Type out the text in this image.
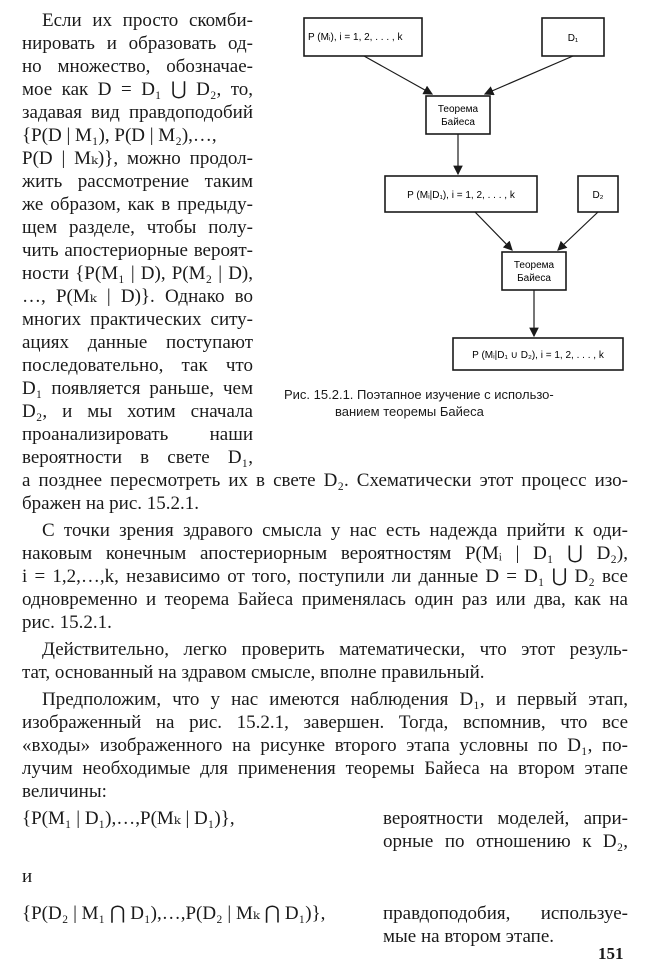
Если их просто скомби-
нировать и образовать од-
но множество, обозначае-
мое как D = D₁ ⋃ D₂, то,
задавая вид правдоподобий
{P(D | M₁), P(D | M₂),…,
P(D | Mₖ)}, можно продол-
жить рассмотрение таким
же образом, как в предыду-
щем разделе, чтобы полу-
чить апостериорные вероят-
ности {P(M₁ | D), P(M₂ | D),
…, P(Mₖ | D)}. Однако во
многих практических ситу-
ациях данные поступают
последовательно, так что
D₁ появляется раньше, чем
D₂, и мы хотим сначала
проанализировать наши
вероятности в свете D₁,
P (Mᵢ), i = 1, 2, . . . , k	D₁
Теорема
Байеса
P (Mᵢ|D₁), i = 1, 2, . . . , k	D₂
Теорема
Байеса
P (Mᵢ|D₁ ∪ D₂), i = 1, 2, . . . , k
Рис. 15.2.1. Поэтапное изучение с использо-
ванием теоремы Байеса
а позднее пересмотреть их в свете D₂. Схематически этот процесс изо-
бражен на рис. 15.2.1.
С точки зрения здравого смысла у нас есть надежда прийти к оди-
наковым конечным апостериорным вероятностям P(Mᵢ | D₁ ⋃ D₂),
i = 1,2,…,k, независимо от того, поступили ли данные D = D₁ ⋃ D₂ все
одновременно и теорема Байеса применялась один раз или два, как на
рис. 15.2.1.
Действительно, легко проверить математически, что этот резуль-
тат, основанный на здравом смысле, вполне правильный.
Предположим, что у нас имеются наблюдения D₁, и первый этап,
изображенный на рис. 15.2.1, завершен. Тогда, вспомнив, что все
«входы» изображенного на рисунке второго этапа условны по D₁, по-
лучим необходимые для применения теоремы Байеса на втором этапе
величины:
{P(M₁ | D₁),…,P(Mₖ | D₁)},	вероятности моделей, апри-
орные по отношению к D₂,
и
{P(D₂ | M₁ ⋂ D₁),…,P(D₂ | Mₖ ⋂ D₁)},	правдоподобия, используе-
мые на втором этапе.
151
